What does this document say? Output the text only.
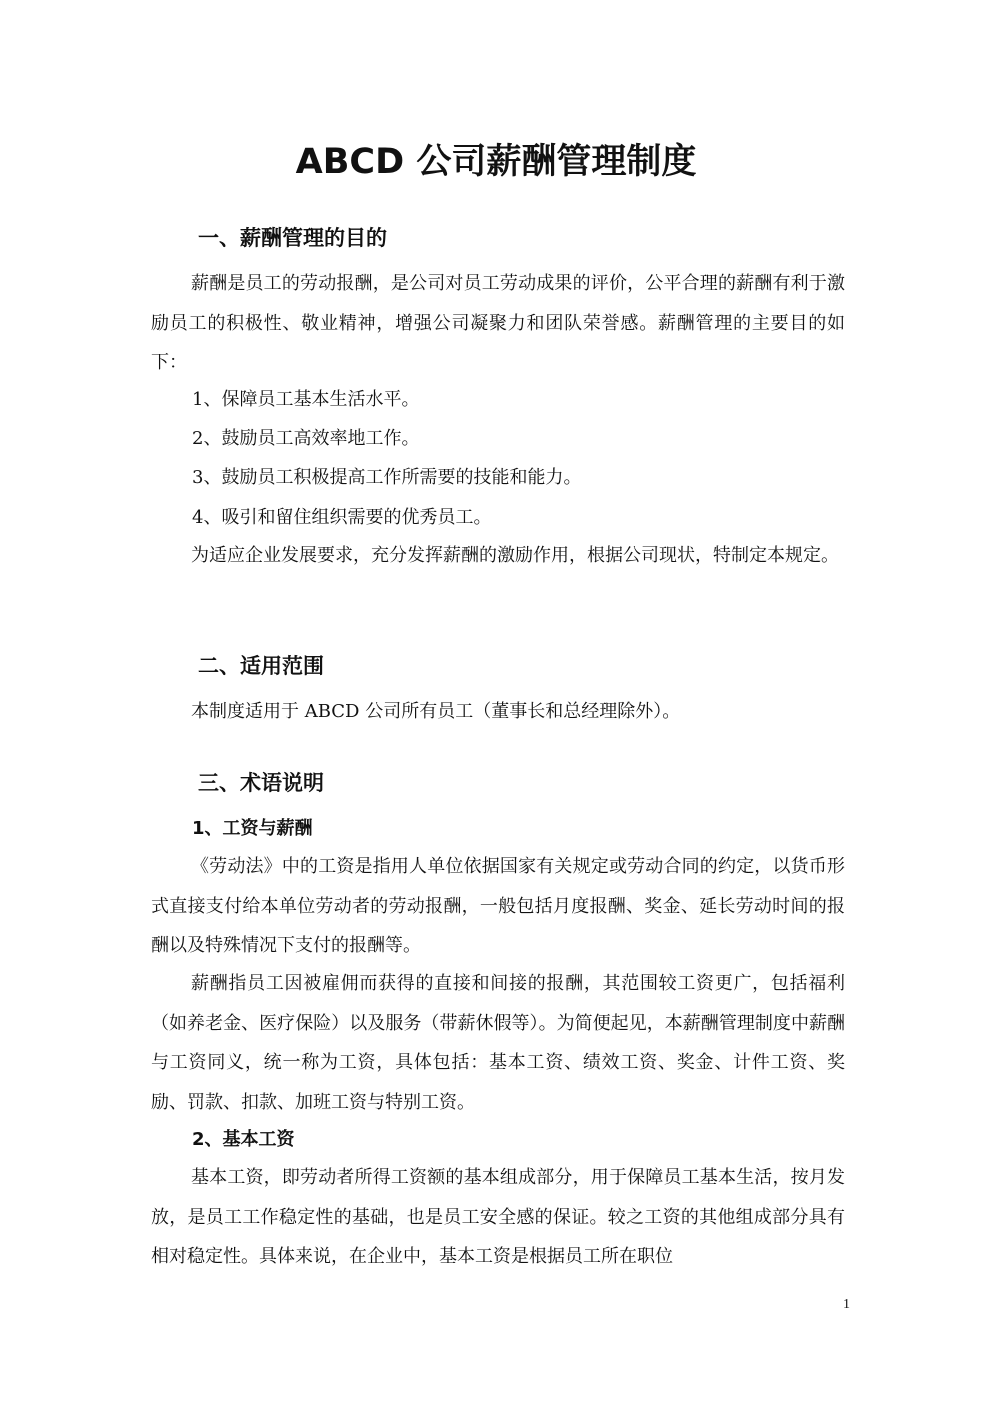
ABCD 公司薪酬管理制度
一、薪酬管理的目的

薪酬是员工的劳动报酬，是公司对员工劳动成果的评价，公平合理的薪酬有利于激励员工的积极性、敬业精神，增强公司凝聚力和团队荣誉感。薪酬管理的主要目的如下：

1、保障员工基本生活水平。
2、鼓励员工高效率地工作。
3、鼓励员工积极提高工作所需要的技能和能力。
4、吸引和留住组织需要的优秀员工。

为适应企业发展要求，充分发挥薪酬的激励作用，根据公司现状，特制定本规定。

二、适用范围

本制度适用于 ABCD 公司所有员工（董事长和总经理除外）。

三、术语说明
1、工资与薪酬

《劳动法》中的工资是指用人单位依据国家有关规定或劳动合同的约定，以货币形式直接支付给本单位劳动者的劳动报酬，一般包括月度报酬、奖金、延长劳动时间的报酬以及特殊情况下支付的报酬等。

薪酬指员工因被雇佣而获得的直接和间接的报酬，其范围较工资更广，包括福利（如养老金、医疗保险）以及服务（带薪休假等）。为简便起见，本薪酬管理制度中薪酬与工资同义，统一称为工资，具体包括：基本工资、绩效工资、奖金、计件工资、奖励、罚款、扣款、加班工资与特别工资。

2、基本工资

基本工资，即劳动者所得工资额的基本组成部分，用于保障员工基本生活，按月发放，是员工工作稳定性的基础，也是员工安全感的保证。较之工资的其他组成部分具有相对稳定性。具体来说，在企业中，基本工资是根据员工所在职位

1
